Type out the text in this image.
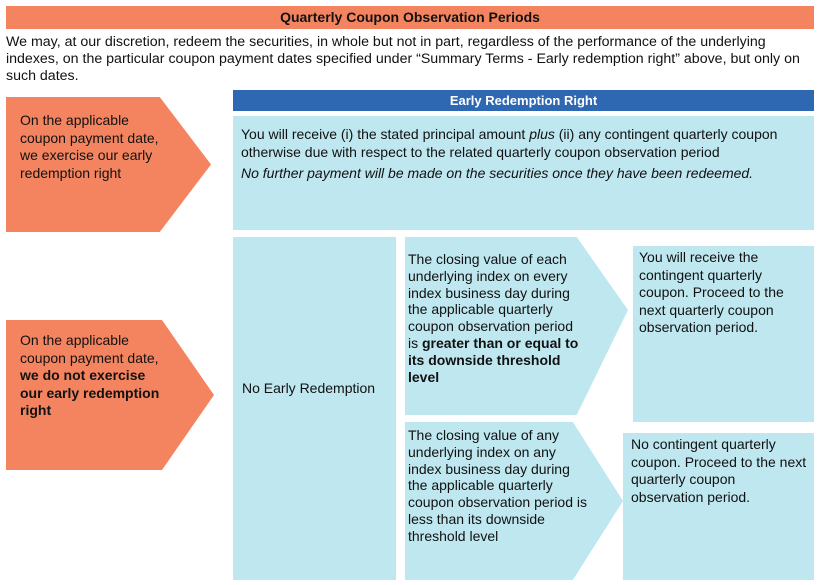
Quarterly Coupon Observation Periods
We may, at our discretion, redeem the securities, in whole but not in part, regardless of the performance of the underlying indexes, on the particular coupon payment dates specified under “Summary Terms - Early redemption right” above, but only on such dates.
Early Redemption Right
On the applicable coupon payment date, we exercise our early redemption right
On the applicable coupon payment date, we do not exercise our early redemption right

You will receive (i) the stated principal amount plus (ii) any contingent quarterly coupon otherwise due with respect to the related quarterly coupon observation period

No further payment will be made on the securities once they have been redeemed.

No Early Redemption
The closing value of each underlying index on every index business day during the applicable quarterly coupon observation period is greater than or equal to its downside threshold level
The closing value of any underlying index on any index business day during the applicable quarterly coupon observation period is less than its downside threshold level
You will receive the contingent quarterly coupon. Proceed to the next quarterly coupon observation period.
No contingent quarterly coupon. Proceed to the next quarterly coupon observation period.
